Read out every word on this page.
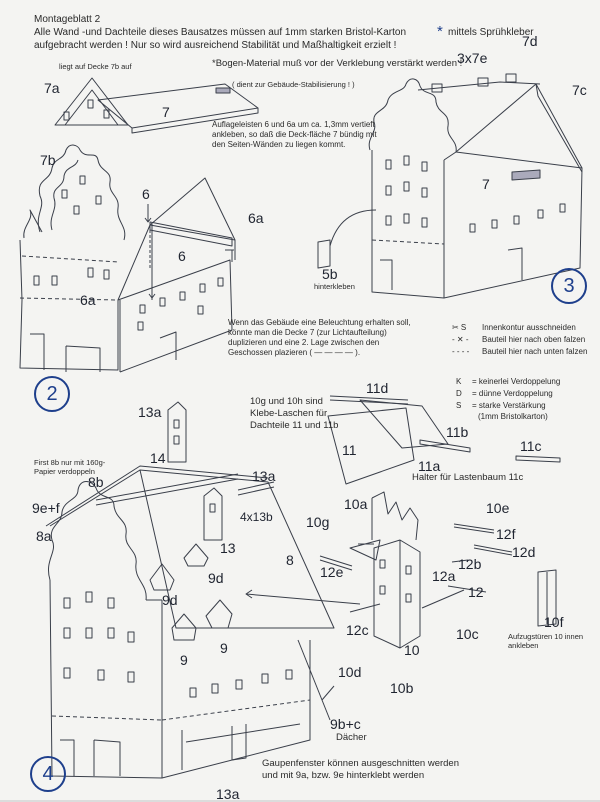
Montageblatt 2
Alle Wand -und Dachteile dieses Bausatzes müssen auf 1mm starken Bristol-Karton * mittels Sprühkleber
aufgebracht werden ! Nur so wird ausreichend Stabilität und Maßhaltigkeit erzielt !
*Bogen-Material muß vor der Verklebung verstärkt werden !
liegt auf Decke 7b auf
( dient zur Gebäude-Stabilisierung ! )
Auflageleisten 6 und 6a um ca. 1,3mm vertieft ankleben, so daß die Deck-fläche 7 bündig mit den Seiten-Wänden zu liegen kommt.
7a
7
7b
6
6a
6
6a
2
3x7e
7d
7c
7
5b
hinterkleben	3
Wenn das Gebäude eine Beleuchtung erhalten soll, könnte man die Decke 7 (zur Lichtaufteilung) duplizieren und eine 2. Lage zwischen den Geschossen plazieren ( — — — — ).
✂ S	Innenkontur ausschneiden
- ✕ -	Bauteil hier nach oben falzen
- - - -	Bauteil hier nach unten falzen
K = keinerlei Verdoppelung
D = dünne Verdoppelung
S = starke Verstärkung
(1mm Bristolkarton)
10g und 10h sind Klebe-Laschen für Dachteile 11 und 11b
First 8b nur mit 160g-Papier verdoppeln
Halter für Lastenbaum 11c
Aufzugstüren 10 innen ankleben
Dächer
Gaupenfenster können ausgeschnitten werden und mit 9a, bzw. 9e hinterklebt werden
11d
11
11b
11c
11a
13a
14
8b	13a
9e+f
4x13b
8a
13
9d
9d
8
9
9
10a	10e
10g
12f
12e	12a
12b
12d
12
12c	10c
10d
10
10b
10f
9b+c
13a
4
